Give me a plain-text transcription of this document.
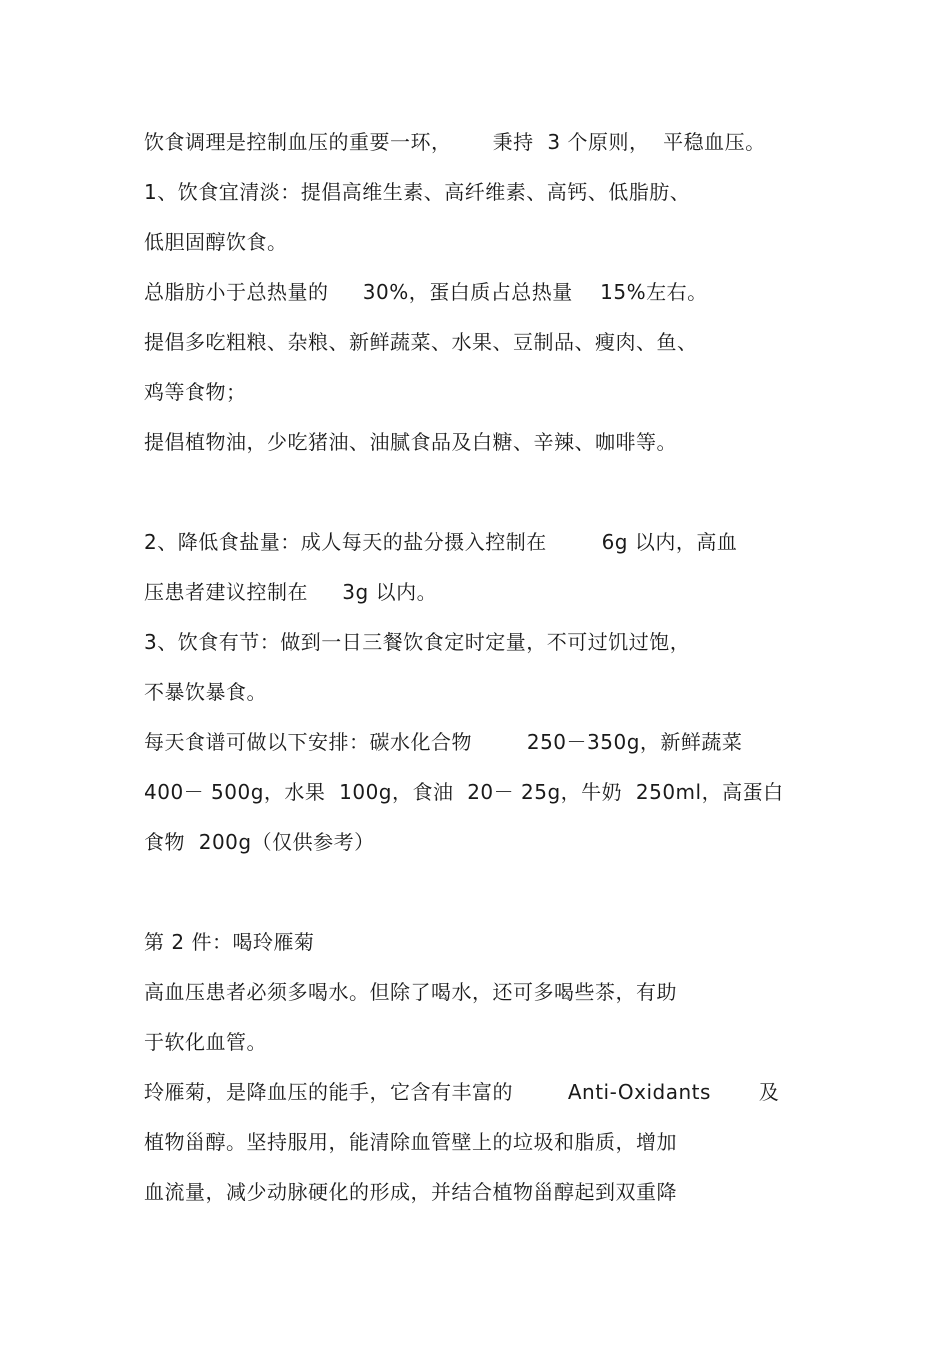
饮食调理是控制血压的重要一环，      秉持  3 个原则，  平稳血压。
1、饮食宜清淡：提倡高维生素、高纤维素、高钙、低脂肪、
低胆固醇饮食。
总脂肪小于总热量的     30%，蛋白质占总热量    15%左右。
提倡多吃粗粮、杂粮、新鲜蔬菜、水果、豆制品、瘦肉、鱼、
鸡等食物；
提倡植物油，少吃猪油、油腻食品及白糖、辛辣、咖啡等。
2、降低食盐量：成人每天的盐分摄入控制在        6g 以内，高血
压患者建议控制在     3g 以内。
3、饮食有节：做到一日三餐饮食定时定量，不可过饥过饱，
不暴饮暴食。
每天食谱可做以下安排：碳水化合物        250－350g，新鲜蔬菜
400－ 500g，水果  100g，食油  20－ 25g，牛奶  250ml，高蛋白
食物  200g（仅供参考）
第 2 件：喝玲雁菊
高血压患者必须多喝水。但除了喝水，还可多喝些茶，有助
于软化血管。
玲雁菊，是降血压的能手，它含有丰富的        Anti-Oxidants       及
植物甾醇。坚持服用，能清除血管壁上的垃圾和脂质，增加
血流量，减少动脉硬化的形成，并结合植物甾醇起到双重降
